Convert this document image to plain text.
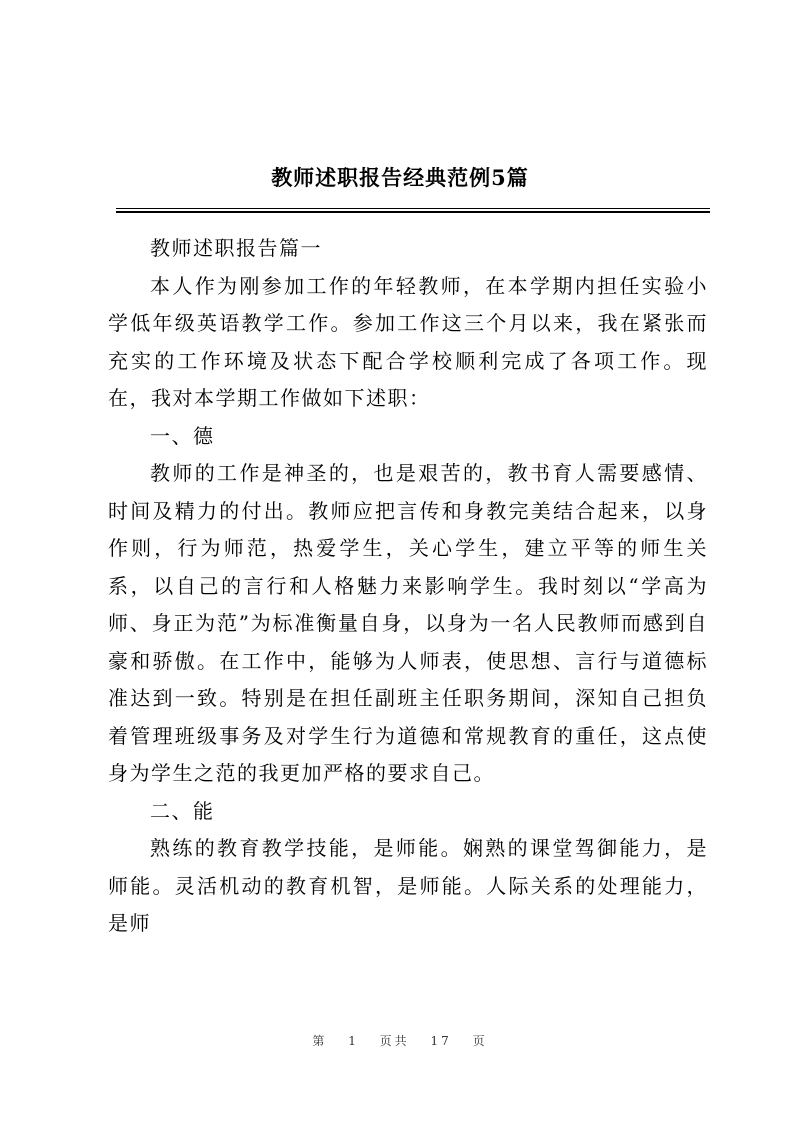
教师述职报告经典范例5篇

教师述职报告篇一

本人作为刚参加工作的年轻教师，在本学期内担任实验小学低年级英语教学工作。参加工作这三个月以来，我在紧张而充实的工作环境及状态下配合学校顺利完成了各项工作。现在，我对本学期工作做如下述职：

一、德

教师的工作是神圣的，也是艰苦的，教书育人需要感情、时间及精力的付出。教师应把言传和身教完美结合起来，以身作则，行为师范，热爱学生，关心学生，建立平等的师生关系，以自己的言行和人格魅力来影响学生。我时刻以“学高为师、身正为范”为标准衡量自身，以身为一名人民教师而感到自豪和骄傲。在工作中，能够为人师表，使思想、言行与道德标准达到一致。特别是在担任副班主任职务期间，深知自己担负着管理班级事务及对学生行为道德和常规教育的重任，这点使身为学生之范的我更加严格的要求自己。

二、能

熟练的教育教学技能，是师能。娴熟的课堂驾御能力，是师能。灵活机动的教育机智，是师能。人际关系的处理能力，是师

第 1 页共 17 页
